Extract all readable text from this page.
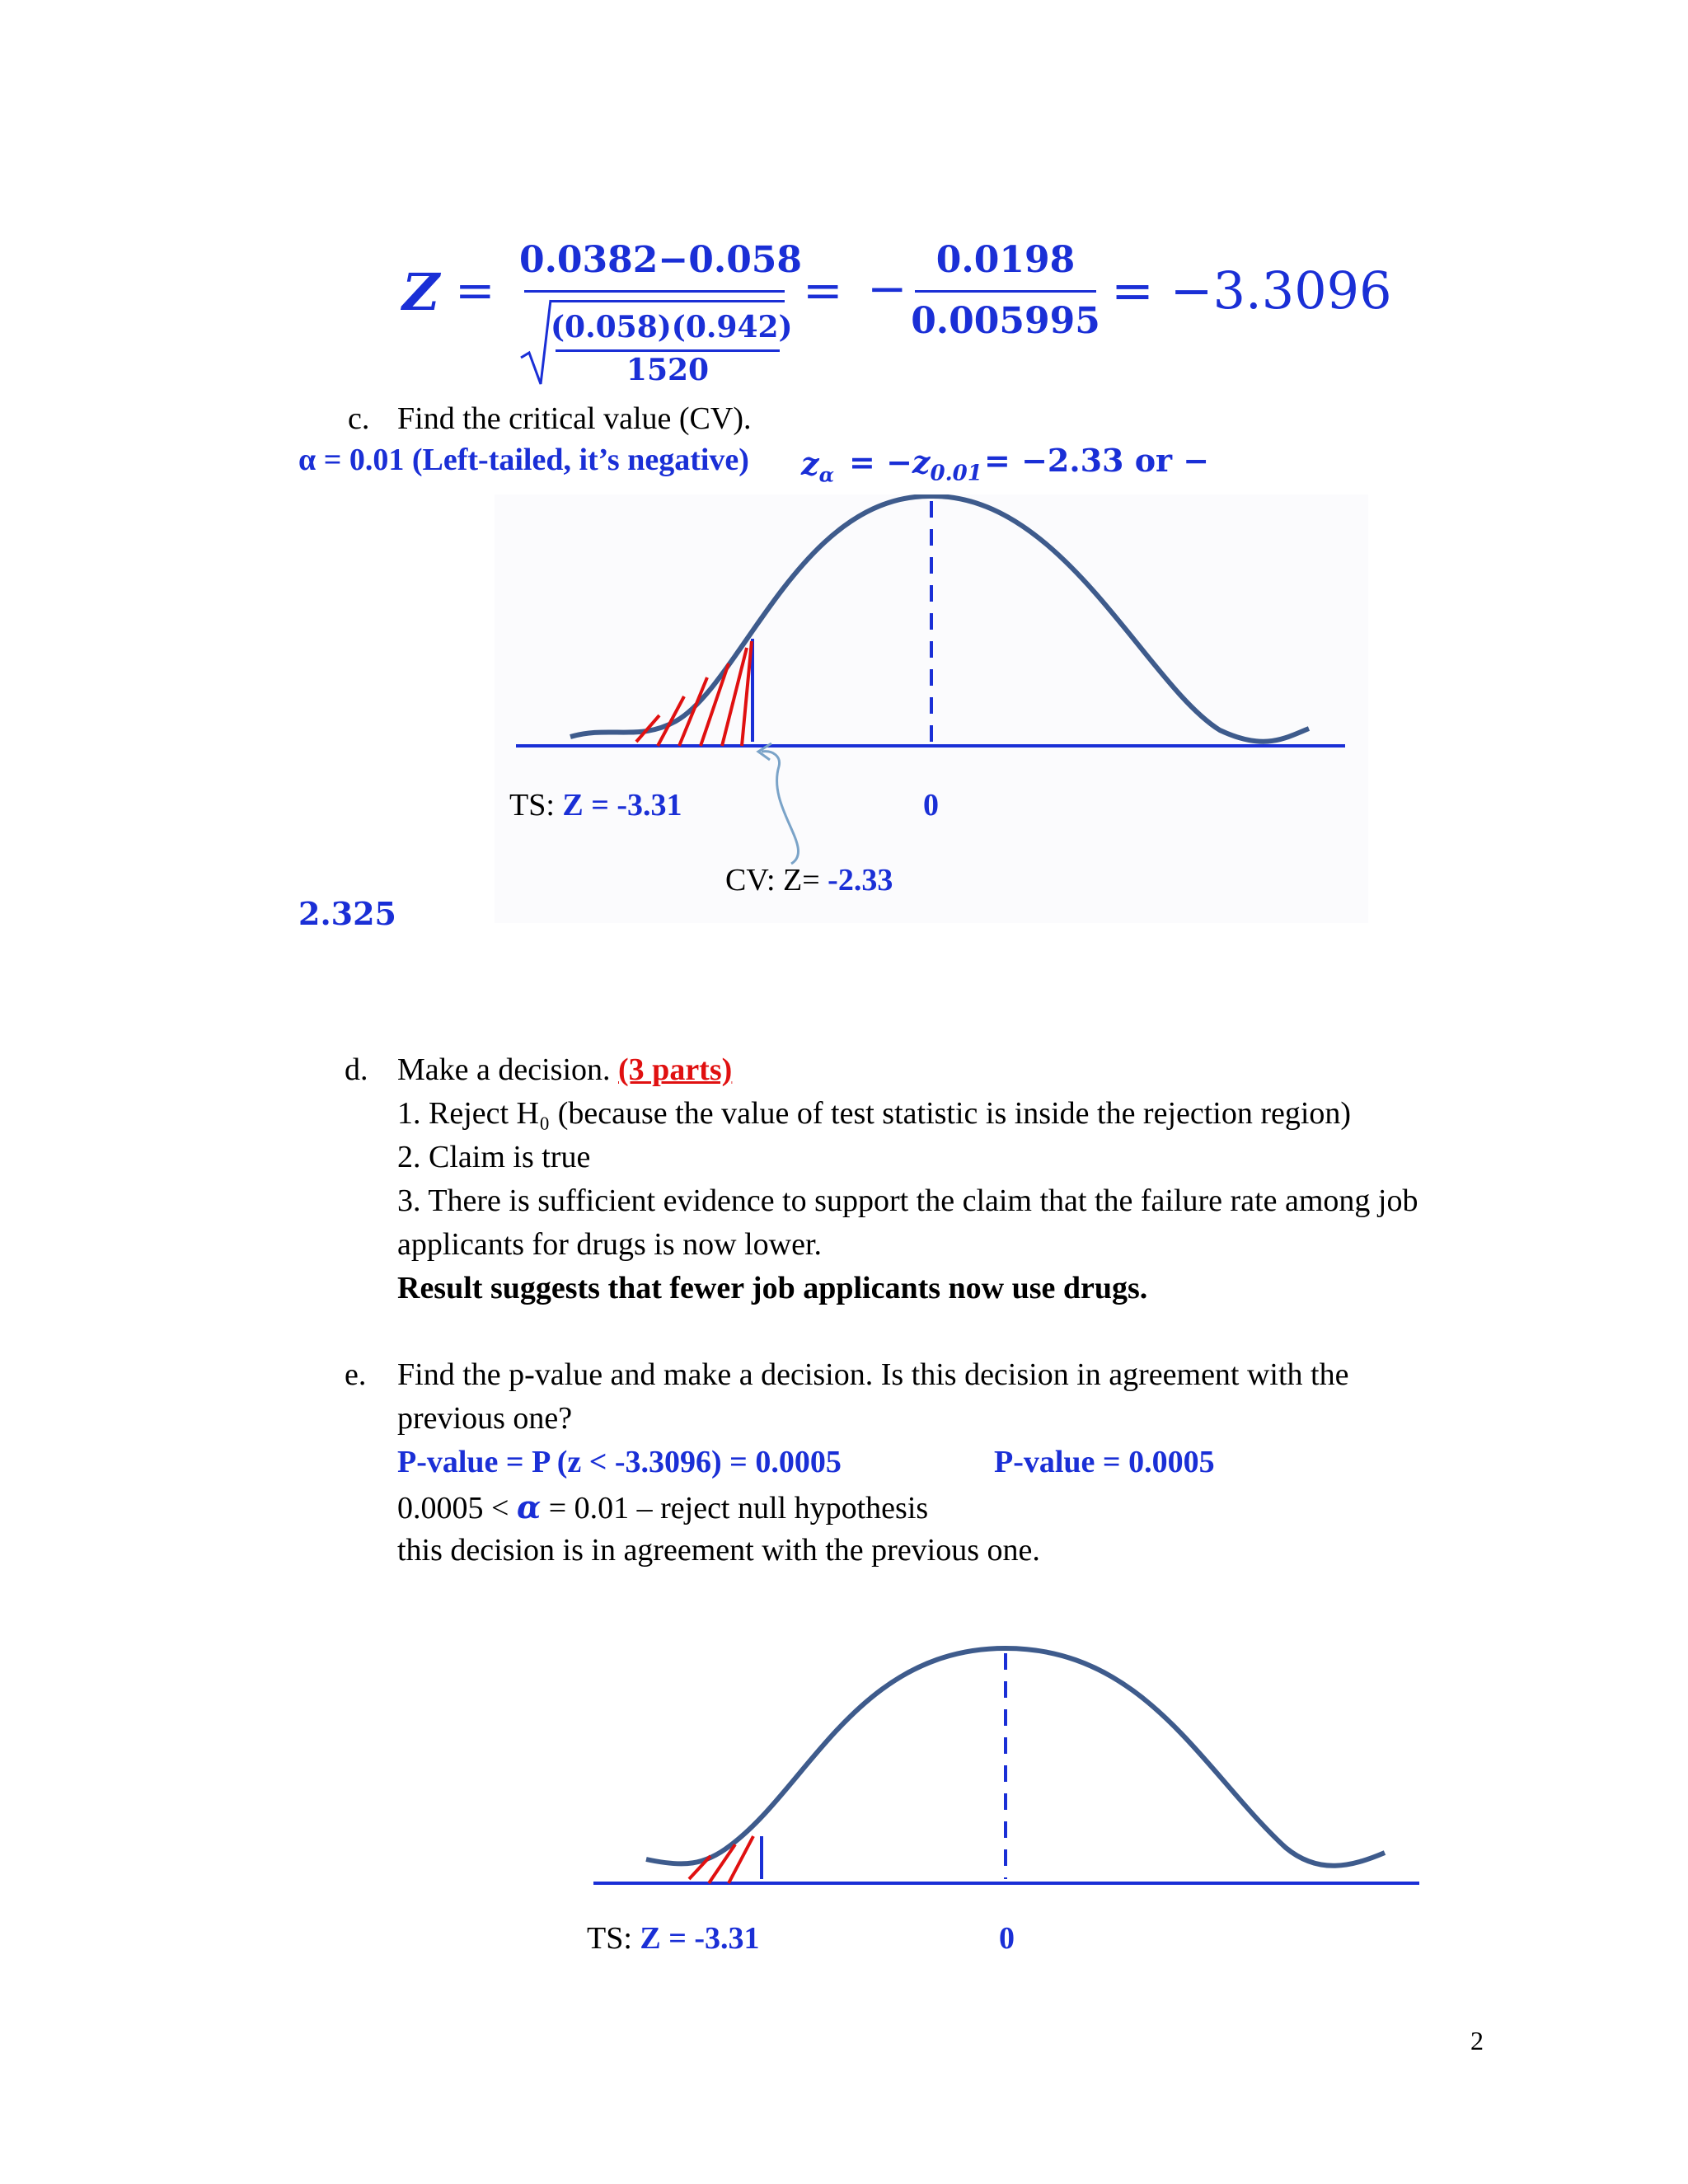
Z =
0.0382−0.058
(0.058)(0.942)
1520
= −
0.0198
0.005995
= −3.3096
c. Find the critical value (CV).
α = 0.01 (Left-tailed, it’s negative) $z_\alpha = -z_{0.01} = -2.33$ or −
2.325
TS: Z = -3.31	0
CV: Z= -2.33
d. Make a decision. (3 parts)
1. Reject H₀ (because the value of test statistic is inside the rejection region)
2. Claim is true
3. There is sufficient evidence to support the claim that the failure rate among job
applicants for drugs is now lower.
Result suggests that fewer job applicants now use drugs.
e. Find the p-value and make a decision. Is this decision in agreement with the
previous one?
P-value = P (z < -3.3096) = 0.0005	P-value = 0.0005
0.0005 < α = 0.01 – reject null hypothesis
this decision is in agreement with the previous one.
TS: Z = -3.31	0
2
